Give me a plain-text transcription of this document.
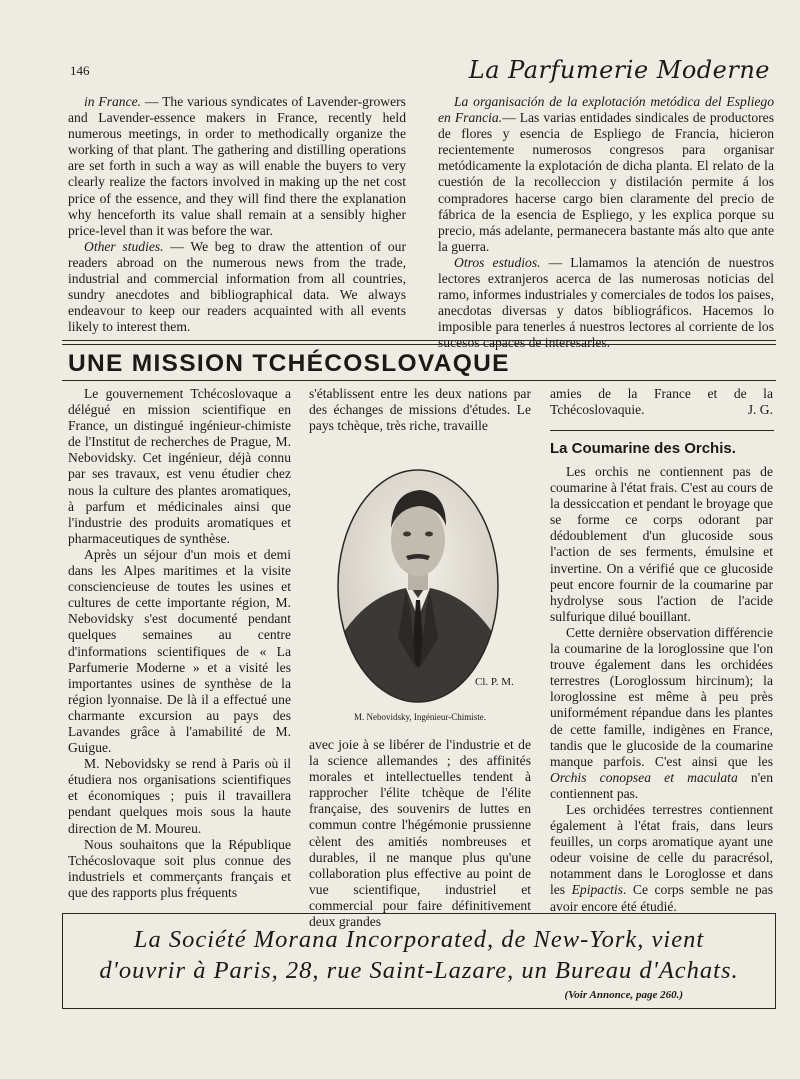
146	La Parfumerie Moderne

in France. — The various syndicates of Lavender-growers and Lavender-essence makers in France, recently held numerous meetings, in order to methodically organize the working of that plant. The gathering and distilling operations are set forth in such a way as will enable the buyers to very clearly realize the factors involved in making up the net cost price of the essence, and they will find there the explanation why henceforth its value shall remain at a sensibly higher price-level than it was before the war.

Other studies. — We beg to draw the attention of our readers abroad on the numerous news from the trade, industrial and commercial information from all countries, sundry anecdotes and bibliographical data. We always endeavour to keep our readers acquainted with all events likely to interest them.

La organisación de la explotación metódica del Espliego en Francia.— Las varias entidades sindicales de productores de flores y esencia de Espliego de Francia, hicieron recientemente numerosos congresos para organisar metódicamente la explotación de dicha planta. El relato de la cuestión de la recolleccion y distilación permite á los compradores hacerse cargo bien claramente del precio de fábrica de la esencia de Espliego, y les explica porque su precio, más adelante, permanecera bastante más alto que ante la guerra.

Otros estudios. — Llamamos la atención de nuestros lectores extranjeros acerca de las numerosas noticias del ramo, informes industriales y comerciales de todos los paises, anecdotas diversas y datos bibliográficos. Hacemos lo imposible para tenerles á nuestros lectores al corriente de los sucesos capaces de interesarles.

UNE MISSION TCHÉCOSLOVAQUE

Le gouvernement Tchécoslovaque a délégué en mission scientifique en France, un distingué ingénieur-chimiste de l'Institut de recherches de Prague, M. Nebovidsky. Cet ingénieur, déjà connu par ses travaux, est venu étudier chez nous la culture des plantes aromatiques, à parfum et médicinales ainsi que l'industrie des produits aromatiques et pharmaceutiques de synthèse.

Après un séjour d'un mois et demi dans les Alpes maritimes et la visite consciencieuse de toutes les usines et cultures de cette importante région, M. Nebovidsky s'est documenté pendant quelques semaines au centre d'informations scientifiques de « La Parfumerie Moderne » et a visité les importantes usines de synthèse de la région lyonnaise. De là il a effectué une charmante excursion au pays des Lavandes grâce à l'amabilité de M. Guigue.

M. Nebovidsky se rend à Paris où il étudiera nos organisations scientifiques et économiques ; puis il travaillera pendant quelques mois sous la haute direction de M. Moureu.

Nous souhaitons que la République Tchécoslovaque soit plus connue des industriels et commerçants français et que des rapports plus fréquents

s'établissent entre les deux nations par des échanges de missions d'études. Le pays tchèque, très riche, travaille

Cl. P. M.
M. Nebovidsky, Ingénieur-Chimiste.

avec joie à se libérer de l'industrie et de la science allemandes ; des affinités morales et intellectuelles tendent à rapprocher l'élite tchèque de l'élite française, des souvenirs de luttes en commun contre l'hégémonie prussienne cèlent des amitiés nombreuses et durables, il ne manque plus qu'une collaboration plus effective au point de vue scientifique, industriel et commercial pour faire définitivement deux grandes

amies de la France et de la Tchécoslovaquie.	J. G.

La Coumarine des Orchis.

Les orchis ne contiennent pas de coumarine à l'état frais. C'est au cours de la dessiccation et pendant le broyage que se forme ce corps odorant par dédoublement d'un glucoside sous l'action de ses ferments, émulsine et invertine. On a vérifié que ce glucoside peut encore fournir de la coumarine par hydrolyse sous l'action de l'acide sulfurique dilué bouillant.

Cette dernière observation différencie la coumarine de la loroglossine que l'on trouve également dans les orchidées terrestres (Loroglossum hircinum); la loroglossine est même à peu près uniformément répandue dans les plantes de cette famille, indigènes en France, tandis que le glucoside de la coumarine manque parfois. C'est ainsi que les Orchis conopsea et maculata n'en contiennent pas.

Les orchidées terrestres contiennent également à l'état frais, dans leurs feuilles, un corps aromatique ayant une odeur voisine de celle du paracrésol, notamment dans le Loroglosse et dans les Epipactis. Ce corps semble ne pas avoir encore été étudié.

La Société Morana Incorporated, de New-York, vient
d'ouvrir à Paris, 28, rue Saint-Lazare, un Bureau d'Achats.
(Voir Annonce, page 260.)
